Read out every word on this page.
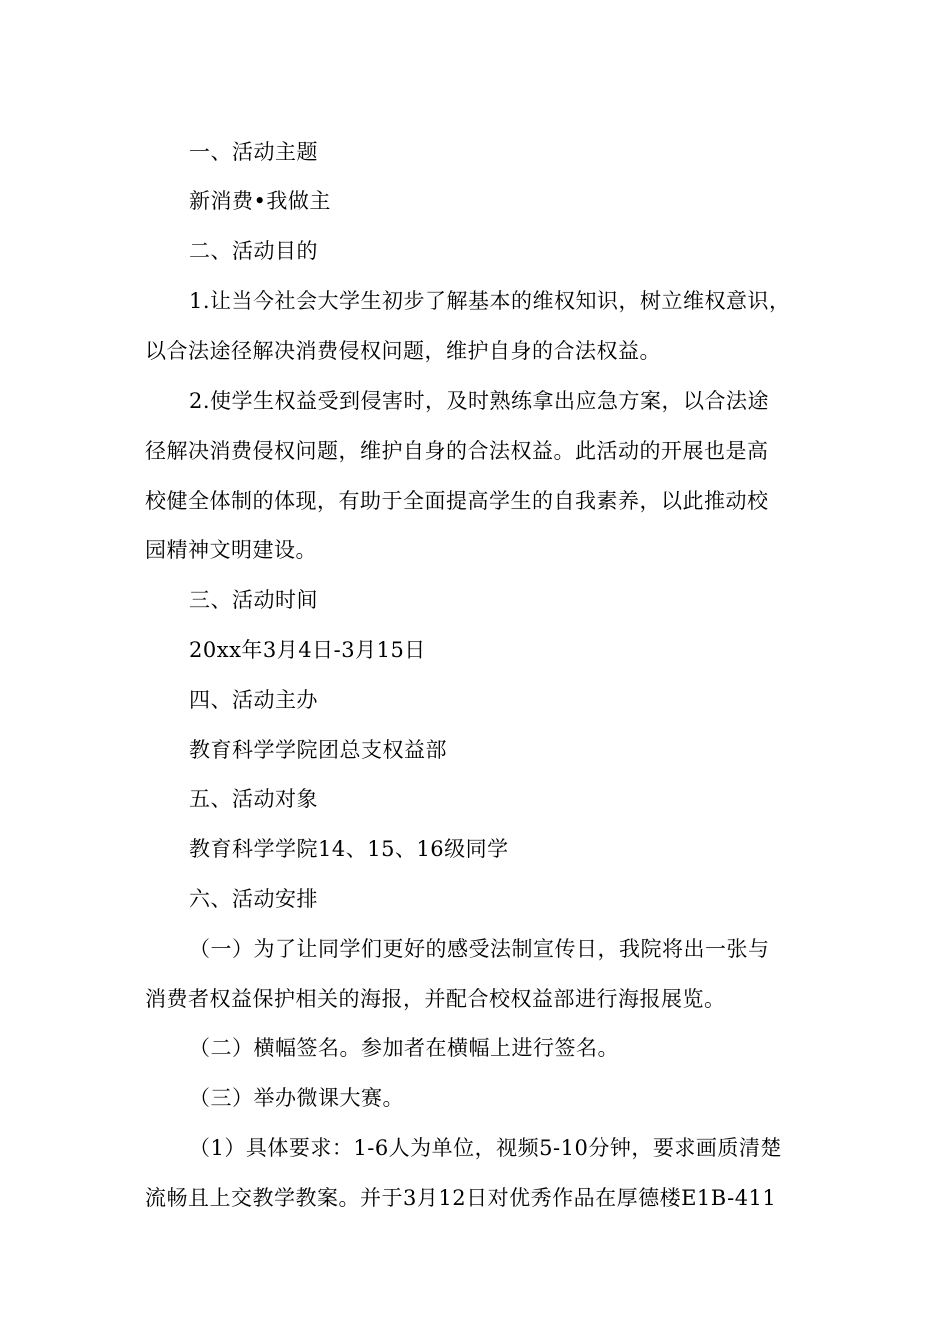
一、活动主题
新消费•我做主
二、活动目的
1.让当今社会大学生初步了解基本的维权知识，树立维权意识，
以合法途径解决消费侵权问题，维护自身的合法权益。
2.使学生权益受到侵害时，及时熟练拿出应急方案，以合法途
径解决消费侵权问题，维护自身的合法权益。此活动的开展也是高
校健全体制的体现，有助于全面提高学生的自我素养，以此推动校
园精神文明建设。
三、活动时间
20xx年3月4日-3月15日
四、活动主办
教育科学学院团总支权益部
五、活动对象
教育科学学院14、15、16级同学
六、活动安排
（一）为了让同学们更好的感受法制宣传日，我院将出一张与
消费者权益保护相关的海报，并配合校权益部进行海报展览。
（二）横幅签名。参加者在横幅上进行签名。
（三）举办微课大赛。
（1）具体要求：1-6人为单位，视频5-10分钟，要求画质清楚
流畅且上交教学教案。并于3月12日对优秀作品在厚德楼E1B-411
